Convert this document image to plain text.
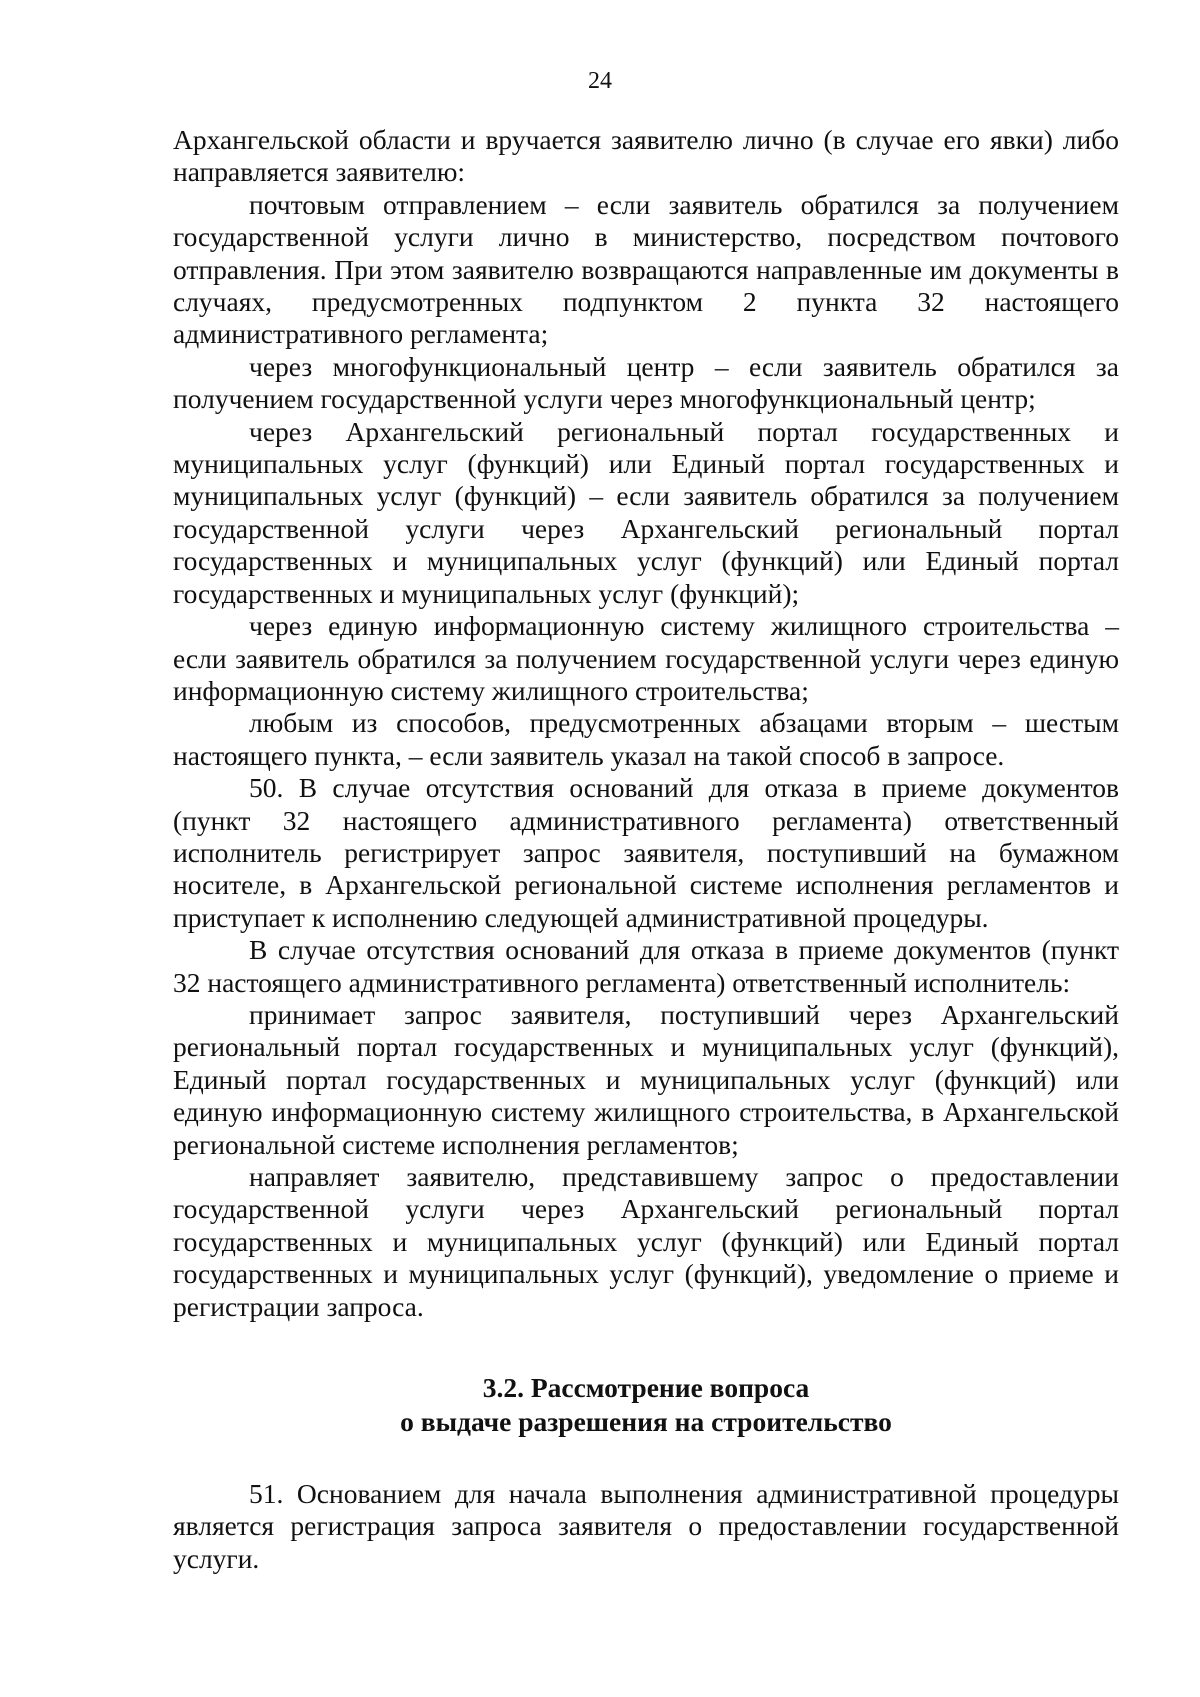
24

Архангельской области и вручается заявителю лично (в случае его явки) либо направляется заявителю:

почтовым отправлением – если заявитель обратился за получением государственной услуги лично в министерство, посредством почтового отправления. При этом заявителю возвращаются направленные им документы в случаях, предусмотренных подпунктом 2 пункта 32 настоящего административного регламента;

через многофункциональный центр – если заявитель обратился за получением государственной услуги через многофункциональный центр;

через Архангельский региональный портал государственных и муниципальных услуг (функций) или Единый портал государственных и муниципальных услуг (функций) – если заявитель обратился за получением государственной услуги через Архангельский региональный портал государственных и муниципальных услуг (функций) или Единый портал государственных и муниципальных услуг (функций);

через единую информационную систему жилищного строительства – если заявитель обратился за получением государственной услуги через единую информационную систему жилищного строительства;

любым из способов, предусмотренных абзацами вторым – шестым настоящего пункта, – если заявитель указал на такой способ в запросе.

50. В случае отсутствия оснований для отказа в приеме документов (пункт 32 настоящего административного регламента) ответственный исполнитель регистрирует запрос заявителя, поступивший на бумажном носителе, в Архангельской региональной системе исполнения регламентов и приступает к исполнению следующей административной процедуры.

В случае отсутствия оснований для отказа в приеме документов (пункт 32 настоящего административного регламента) ответственный исполнитель:

принимает запрос заявителя, поступивший через Архангельский региональный портал государственных и муниципальных услуг (функций), Единый портал государственных и муниципальных услуг (функций) или единую информационную систему жилищного строительства, в Архангельской региональной системе исполнения регламентов;

направляет заявителю, представившему запрос о предоставлении государственной услуги через Архангельский региональный портал государственных и муниципальных услуг (функций) или Единый портал государственных и муниципальных услуг (функций), уведомление о приеме и регистрации запроса.

3.2. Рассмотрение вопроса
о выдаче разрешения на строительство

51. Основанием для начала выполнения административной процедуры является регистрация запроса заявителя о предоставлении государственной услуги.
